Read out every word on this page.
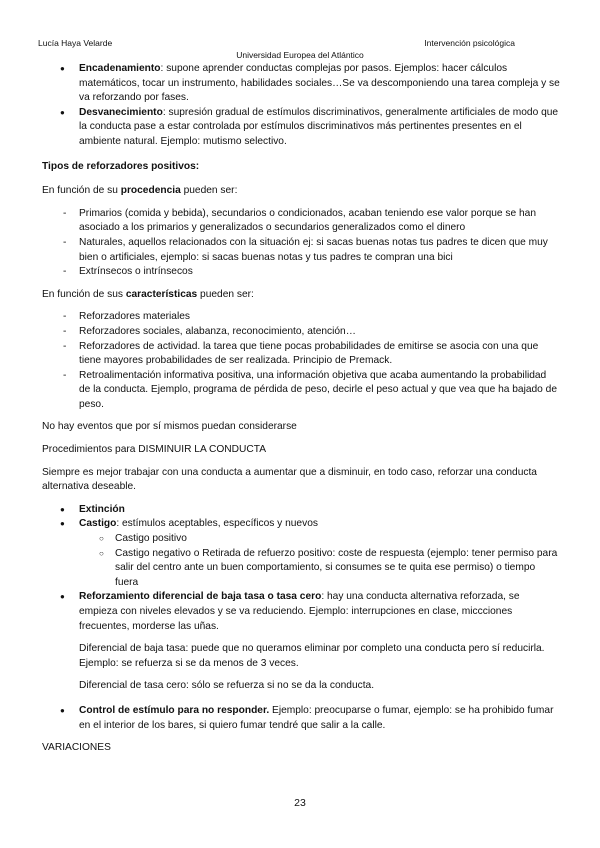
Lucía Haya Velarde	Intervención psicológica
Universidad Europea del Atlántico

● Encadenamiento: supone aprender conductas complejas por pasos. Ejemplos: hacer cálculos matemáticos, tocar un instrumento, habilidades sociales…Se va descomponiendo una tarea compleja y se va reforzando por fases.

● Desvanecimiento: supresión gradual de estímulos discriminativos, generalmente artificiales de modo que la conducta pase a estar controlada por estímulos discriminativos más pertinentes presentes en el ambiente natural. Ejemplo: mutismo selectivo.

Tipos de reforzadores positivos:

En función de su procedencia pueden ser:

- Primarios (comida y bebida), secundarios o condicionados, acaban teniendo ese valor porque se han asociado a los primarios y generalizados o secundarios generalizados como el dinero

- Naturales, aquellos relacionados con la situación ej: si sacas buenas notas tus padres te dicen que muy bien o artificiales, ejemplo: si sacas buenas notas y tus padres te compran una bici

- Extrínsecos o intrínsecos

En función de sus características pueden ser:

- Reforzadores materiales

- Reforzadores sociales, alabanza, reconocimiento, atención…

- Reforzadores de actividad. la tarea que tiene pocas probabilidades de emitirse se asocia con una que tiene mayores probabilidades de ser realizada. Principio de Premack.

- Retroalimentación informativa positiva, una información objetiva que acaba aumentando la probabilidad de la conducta. Ejemplo, programa de pérdida de peso, decirle el peso actual y que vea que ha bajado de peso.

No hay eventos que por sí mismos puedan considerarse

Procedimientos para DISMINUIR LA CONDUCTA

Siempre es mejor trabajar con una conducta a aumentar que a disminuir, en todo caso, reforzar una conducta alternativa deseable.

● Extinción

● Castigo: estímulos aceptables, específicos y nuevos

○ Castigo positivo

○ Castigo negativo o Retirada de refuerzo positivo: coste de respuesta (ejemplo: tener permiso para salir del centro ante un buen comportamiento, si consumes se te quita ese permiso) o tiempo fuera

● Reforzamiento diferencial de baja tasa o tasa cero: hay una conducta alternativa reforzada, se empieza con niveles elevados y se va reduciendo. Ejemplo: interrupciones en clase, miccciones frecuentes, morderse las uñas.

Diferencial de baja tasa: puede que no queramos eliminar por completo una conducta pero sí reducirla. Ejemplo: se refuerza si se da menos de 3 veces.

Diferencial de tasa cero: sólo se refuerza si no se da la conducta.

● Control de estímulo para no responder. Ejemplo: preocuparse o fumar, ejemplo: se ha prohibido fumar en el interior de los bares, si quiero fumar tendré que salir a la calle.

VARIACIONES

23
